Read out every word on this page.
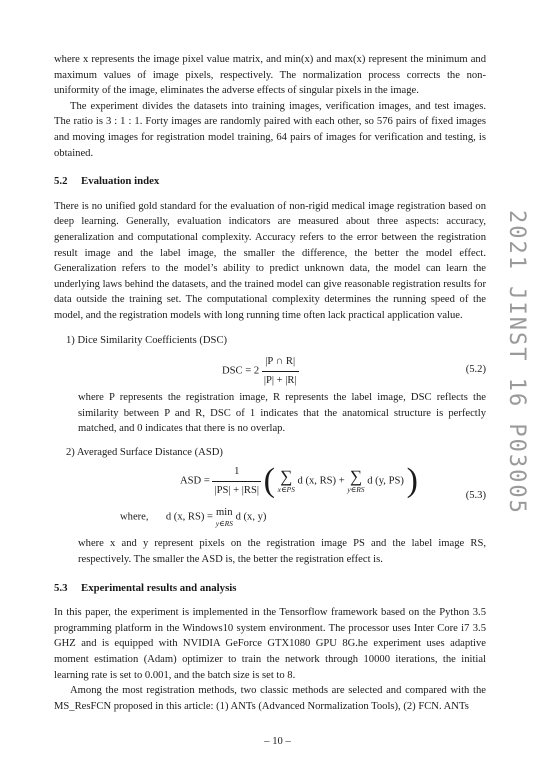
where x represents the image pixel value matrix, and min(x) and max(x) represent the minimum and maximum values of image pixels, respectively. The normalization process corrects the non-uniformity of the image, eliminates the adverse effects of singular pixels in the image.

The experiment divides the datasets into training images, verification images, and test images. The ratio is 3 : 1 : 1. Forty images are randomly paired with each other, so 576 pairs of fixed images and moving images for registration model training, 64 pairs of images for verification and testing, is obtained.

5.2 Evaluation index

There is no unified gold standard for the evaluation of non-rigid medical image registration based on deep learning. Generally, evaluation indicators are measured about three aspects: accuracy, generalization and computational complexity. Accuracy refers to the error between the registration result image and the label image, the smaller the difference, the better the model effect. Generalization refers to the model’s ability to predict unknown data, the model can learn the underlying laws behind the datasets, and the trained model can give reasonable registration results for data outside the training set. The computational complexity determines the running speed of the model, and the registration models with long running time often lack practical application value.

1) Dice Similarity Coefficients (DSC)

DSC = $2 \frac{|P \cap R|}{|P| + |R|}$	(5.2)

where P represents the registration image, R represents the label image, DSC reflects the similarity between P and R, DSC of 1 indicates that the anatomical structure is perfectly matched, and 0 indicates that there is no overlap.

2) Averaged Surface Distance (ASD)

ASD = $\frac{1}{|PS| + |RS|}$ ( ∑
x∈PS
d (x, RS) + ∑
y∈RS
d (y, PS) )
where, d (x, RS) = min
y∈RS
d (x, y)
(5.3)

where x and y represent pixels on the registration image PS and the label image RS, respectively. The smaller the ASD is, the better the registration effect is.

5.3 Experimental results and analysis

In this paper, the experiment is implemented in the Tensorflow framework based on the Python 3.5 programming platform in the Windows10 system environment. The processor uses Inter Core i7 3.5 GHZ and is equipped with NVIDIA GeForce GTX1080 GPU 8G.he experiment uses adaptive moment estimation (Adam) optimizer to train the network through 10000 iterations, the initial learning rate is set to 0.001, and the batch size is set to 8.

Among the most registration methods, two classic methods are selected and compared with the MS_ResFCN proposed in this article: (1) ANTs (Advanced Normalization Tools), (2) FCN. ANTs

2021 JINST 16 P03005
– 10 –
